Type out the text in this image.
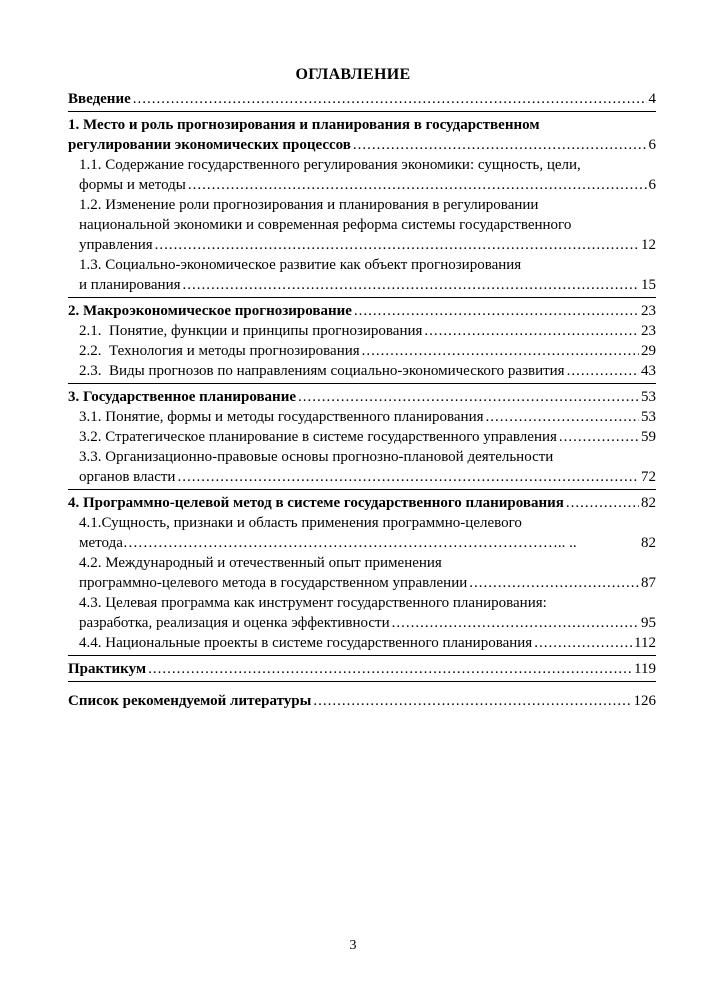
ОГЛАВЛЕНИЕ
Введение .....	4
1. Место и роль прогнозирования и планирования в государственном
регулировании экономических процессов .....	6
1.1. Содержание государственного регулирования экономики: сущность, цели,
формы и методы .....	6
1.2. Изменение роли прогнозирования и планирования в регулировании
национальной экономики и современная реформа системы государственного
управления .....	12
1.3. Социально-экономическое развитие как объект прогнозирования
и планирования .....	15
2. Макроэкономическое прогнозирование .....	23
2.1.  Понятие, функции и принципы прогнозирования .....	23
2.2.  Технология и методы прогнозирования .....	29
2.3.  Виды прогнозов по направлениям социально-экономического развития .....	43
3. Государственное планирование .....	53
3.1. Понятие, формы и методы государственного планирования .....	53
3.2. Стратегическое планирование в системе государственного управления .....	59
3.3. Организационно-правовые основы прогнозно-плановой деятельности
органов власти .....	72
4. Программно-целевой метод в системе государственного планирования .....	82
4.1.Сущность, признаки и область применения программно-целевого
метода…………………………………………………………………………….. ..	82
4.2. Международный и отечественный опыт применения
программно-целевого метода в государственном управлении .....	87
4.3. Целевая программа как инструмент государственного планирования:
разработка, реализация и оценка эффективности .....	95
4.4. Национальные проекты в системе государственного планирования .....	112
Практикум .....	119
Список рекомендуемой литературы .....	126
3
